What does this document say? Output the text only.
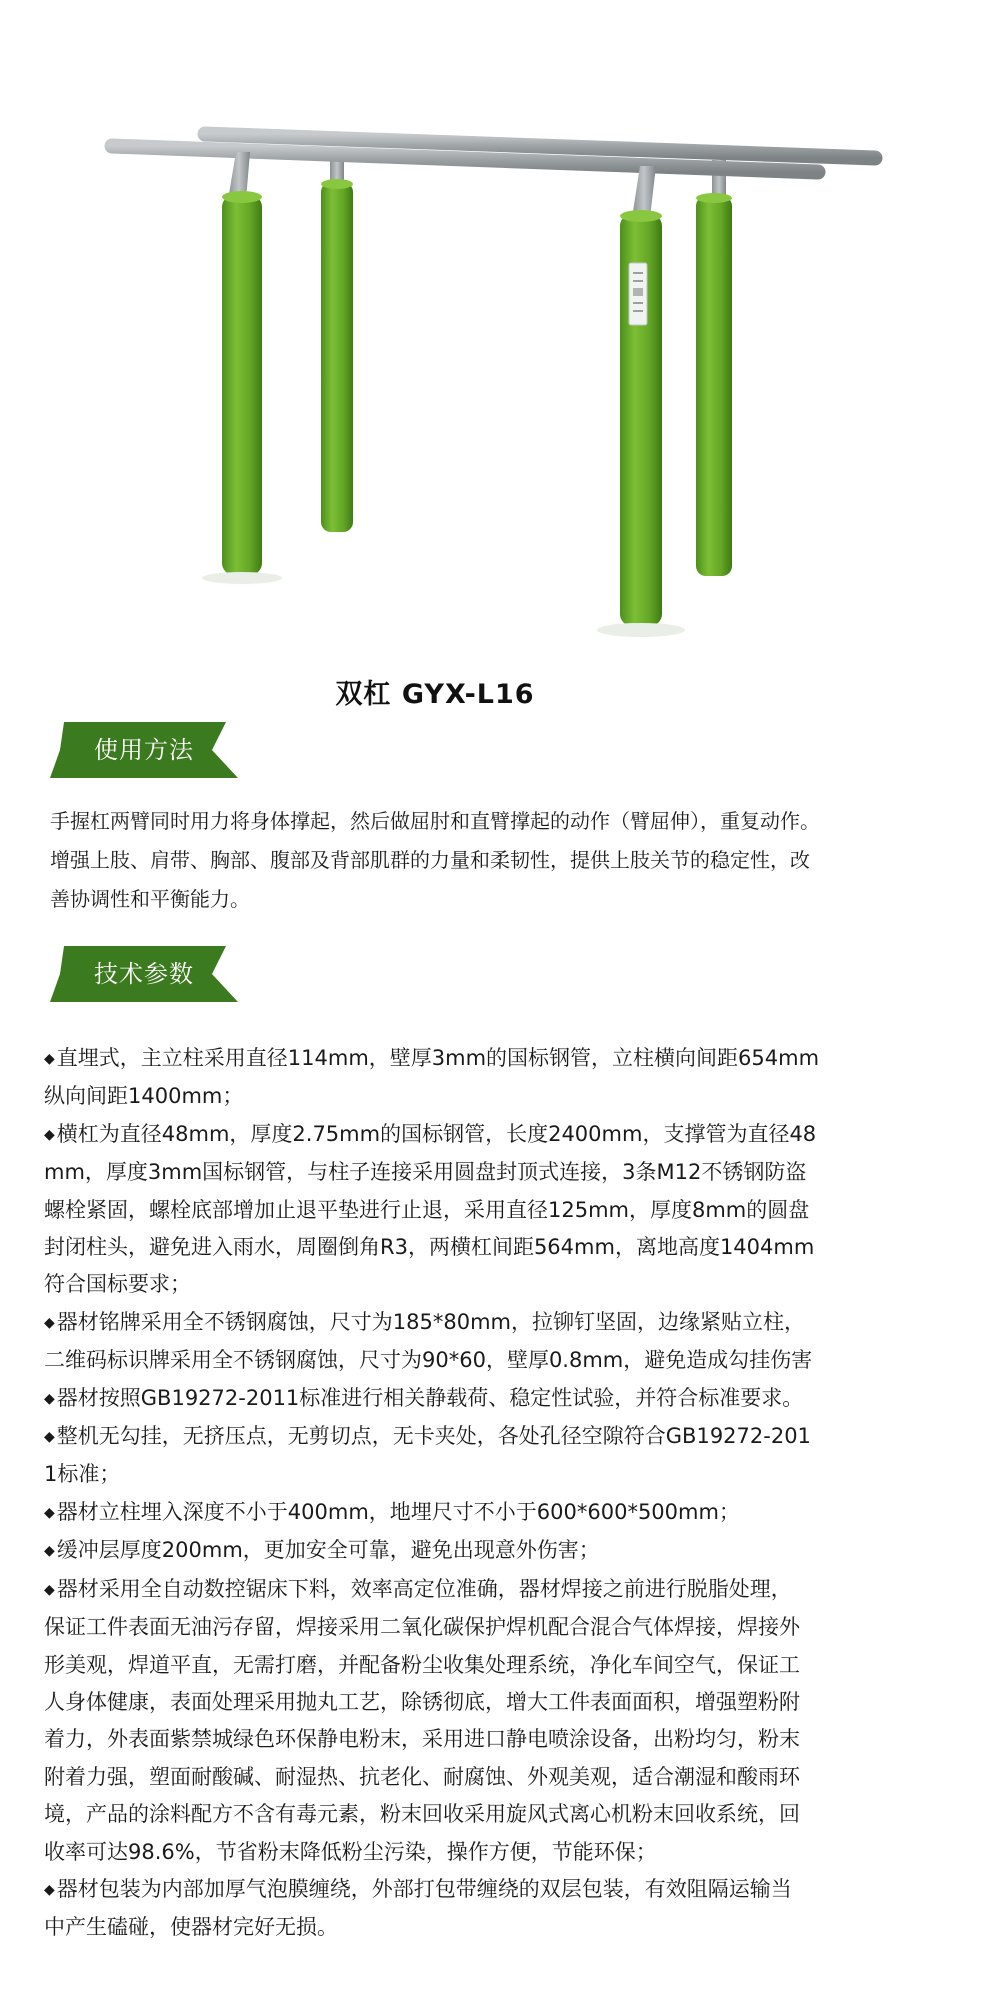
双杠 GYX-L16
使用方法

手握杠两臂同时用力将身体撑起，然后做屈肘和直臂撑起的动作（臂屈伸），重复动作。

增强上肢、肩带、胸部、腹部及背部肌群的力量和柔韧性，提供上肢关节的稳定性，改

善协调性和平衡能力。

技术参数
◆直埋式，主立柱采用直径114mm，壁厚3mm的国标钢管，立柱横向间距654mm
纵向间距1400mm；
◆横杠为直径48mm，厚度2.75mm的国标钢管，长度2400mm，支撑管为直径48
mm，厚度3mm国标钢管，与柱子连接采用圆盘封顶式连接，3条M12不锈钢防盗
螺栓紧固，螺栓底部增加止退平垫进行止退，采用直径125mm，厚度8mm的圆盘
封闭柱头，避免进入雨水，周圈倒角R3，两横杠间距564mm，离地高度1404mm
符合国标要求；
◆器材铭牌采用全不锈钢腐蚀，尺寸为185*80mm，拉铆钉坚固，边缘紧贴立柱，
二维码标识牌采用全不锈钢腐蚀，尺寸为90*60，壁厚0.8mm，避免造成勾挂伤害
◆器材按照GB19272-2011标准进行相关静载荷、稳定性试验，并符合标准要求。
◆整机无勾挂，无挤压点，无剪切点，无卡夹处，各处孔径空隙符合GB19272-201
1标准；
◆器材立柱埋入深度不小于400mm，地埋尺寸不小于600*600*500mm；
◆缓冲层厚度200mm，更加安全可靠，避免出现意外伤害；
◆器材采用全自动数控锯床下料，效率高定位准确，器材焊接之前进行脱脂处理，
保证工件表面无油污存留，焊接采用二氧化碳保护焊机配合混合气体焊接，焊接外
形美观，焊道平直，无需打磨，并配备粉尘收集处理系统，净化车间空气，保证工
人身体健康，表面处理采用抛丸工艺，除锈彻底，增大工件表面面积，增强塑粉附
着力，外表面紫禁城绿色环保静电粉末，采用进口静电喷涂设备，出粉均匀，粉末
附着力强，塑面耐酸碱、耐湿热、抗老化、耐腐蚀、外观美观，适合潮湿和酸雨环
境，产品的涂料配方不含有毒元素，粉末回收采用旋风式离心机粉末回收系统，回
收率可达98.6%，节省粉末降低粉尘污染，操作方便，节能环保；
◆器材包装为内部加厚气泡膜缠绕，外部打包带缠绕的双层包装，有效阻隔运输当
中产生磕碰，使器材完好无损。
